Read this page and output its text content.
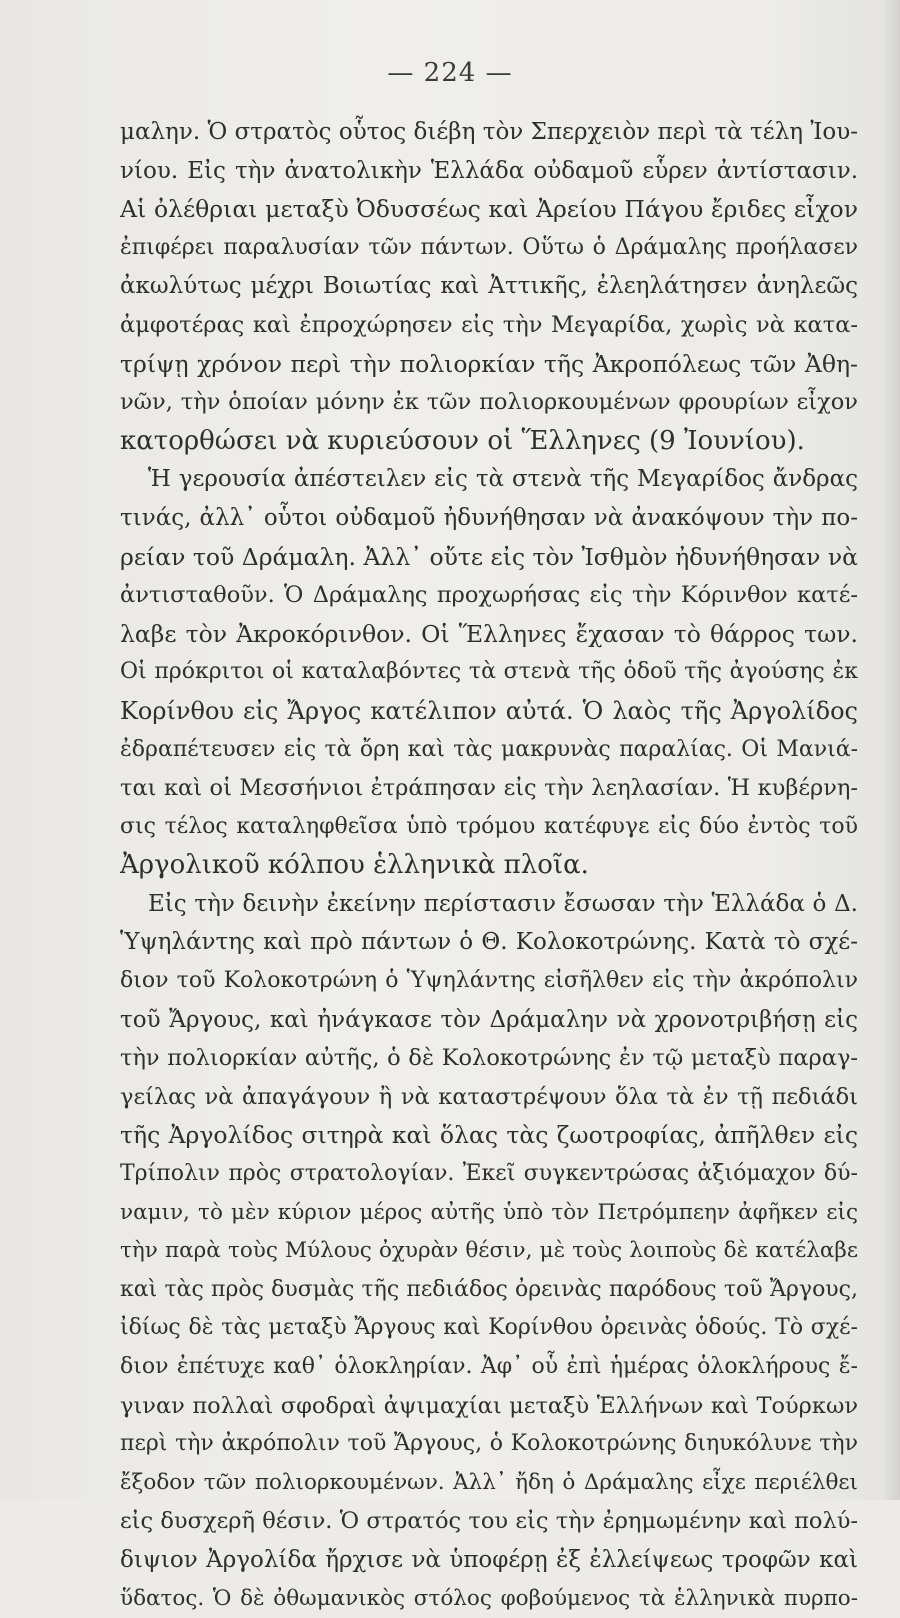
— 224 —
μαλην. Ὁ στρατὸς οὗτος διέβη τὸν Σπερχειὸν περὶ τὰ τέλη Ἰου-
νίου. Εἰς τὴν ἀνατολικὴν Ἑλλάδα οὐδαμοῦ εὗρεν ἀντίστασιν.
Αἱ ὀλέθριαι μεταξὺ Ὀδυσσέως καὶ Ἀρείου Πάγου ἔριδες εἶχον
ἐπιφέρει παραλυσίαν τῶν πάντων. Οὕτω ὁ Δράμαλης προήλασεν
ἀκωλύτως μέχρι Βοιωτίας καὶ Ἀττικῆς, ἐλεηλάτησεν ἀνηλεῶς
ἀμφοτέρας καὶ ἐπροχώρησεν εἰς τὴν Μεγαρίδα, χωρὶς νὰ κατα-
τρίψῃ χρόνον περὶ τὴν πολιορκίαν τῆς Ἀκροπόλεως τῶν Ἀθη-
νῶν, τὴν ὁποίαν μόνην ἐκ τῶν πολιορκουμένων φρουρίων εἶχον
κατορθώσει νὰ κυριεύσουν οἱ Ἕλληνες (9 Ἰουνίου).
Ἡ γερουσία ἀπέστειλεν εἰς τὰ στενὰ τῆς Μεγαρίδος ἄνδρας
τινάς, ἀλλ᾽ οὗτοι οὐδαμοῦ ἠδυνήθησαν νὰ ἀνακόψουν τὴν πο-
ρείαν τοῦ Δράμαλη. Ἀλλ᾽ οὔτε εἰς τὸν Ἰσθμὸν ἠδυνήθησαν νὰ
ἀντισταθοῦν. Ὁ Δράμαλης προχωρήσας εἰς τὴν Κόρινθον κατέ-
λαβε τὸν Ἀκροκόρινθον. Οἱ Ἕλληνες ἔχασαν τὸ θάρρος των.
Οἱ πρόκριτοι οἱ καταλαβόντες τὰ στενὰ τῆς ὁδοῦ τῆς ἀγούσης ἐκ
Κορίνθου εἰς Ἄργος κατέλιπον αὐτά. Ὁ λαὸς τῆς Ἀργολίδος
ἐδραπέτευσεν εἰς τὰ ὄρη καὶ τὰς μακρυνὰς παραλίας. Οἱ Μανιά-
ται καὶ οἱ Μεσσήνιοι ἐτράπησαν εἰς τὴν λεηλασίαν. Ἡ κυβέρνη-
σις τέλος καταληφθεῖσα ὑπὸ τρόμου κατέφυγε εἰς δύο ἐντὸς τοῦ
Ἀργολικοῦ κόλπου ἑλληνικὰ πλοῖα.
Εἰς τὴν δεινὴν ἐκείνην περίστασιν ἔσωσαν τὴν Ἑλλάδα ὁ Δ.
Ὑψηλάντης καὶ πρὸ πάντων ὁ Θ. Κολοκοτρώνης. Κατὰ τὸ σχέ-
διον τοῦ Κολοκοτρώνη ὁ Ὑψηλάντης εἰσῆλθεν εἰς τὴν ἀκρόπολιν
τοῦ Ἄργους, καὶ ἠνάγκασε τὸν Δράμαλην νὰ χρονοτριβήσῃ εἰς
τὴν πολιορκίαν αὐτῆς, ὁ δὲ Κολοκοτρώνης ἐν τῷ μεταξὺ παραγ-
γείλας νὰ ἀπαγάγουν ἢ νὰ καταστρέψουν ὅλα τὰ ἐν τῇ πεδιάδι
τῆς Ἀργολίδος σιτηρὰ καὶ ὅλας τὰς ζωοτροφίας, ἀπῆλθεν εἰς
Τρίπολιν πρὸς στρατολογίαν. Ἐκεῖ συγκεντρώσας ἀξιόμαχον δύ-
ναμιν, τὸ μὲν κύριον μέρος αὐτῆς ὑπὸ τὸν Πετρόμπεην ἀφῆκεν εἰς
τὴν παρὰ τοὺς Μύλους ὀχυρὰν θέσιν, μὲ τοὺς λοιποὺς δὲ κατέλαβε
καὶ τὰς πρὸς δυσμὰς τῆς πεδιάδος ὀρεινὰς παρόδους τοῦ Ἄργους,
ἰδίως δὲ τὰς μεταξὺ Ἄργους καὶ Κορίνθου ὀρεινὰς ὁδούς. Τὸ σχέ-
διον ἐπέτυχε καθ᾽ ὁλοκληρίαν. Ἀφ᾽ οὗ ἐπὶ ἡμέρας ὁλοκλήρους ἔ-
γιναν πολλαὶ σφοδραὶ ἀψιμαχίαι μεταξὺ Ἑλλήνων καὶ Τούρκων
περὶ τὴν ἀκρόπολιν τοῦ Ἄργους, ὁ Κολοκοτρώνης διηυκόλυνε τὴν
ἔξοδον τῶν πολιορκουμένων. Ἀλλ᾽ ἤδη ὁ Δράμαλης εἶχε περιέλθει
εἰς δυσχερῆ θέσιν. Ὁ στρατός του εἰς τὴν ἐρημωμένην καὶ πολύ-
διψιον Ἀργολίδα ἤρχισε νὰ ὑποφέρῃ ἐξ ἐλλείψεως τροφῶν καὶ
ὕδατος. Ὁ δὲ ὀθωμανικὸς στόλος φοβούμενος τὰ ἑλληνικὰ πυρπο-
